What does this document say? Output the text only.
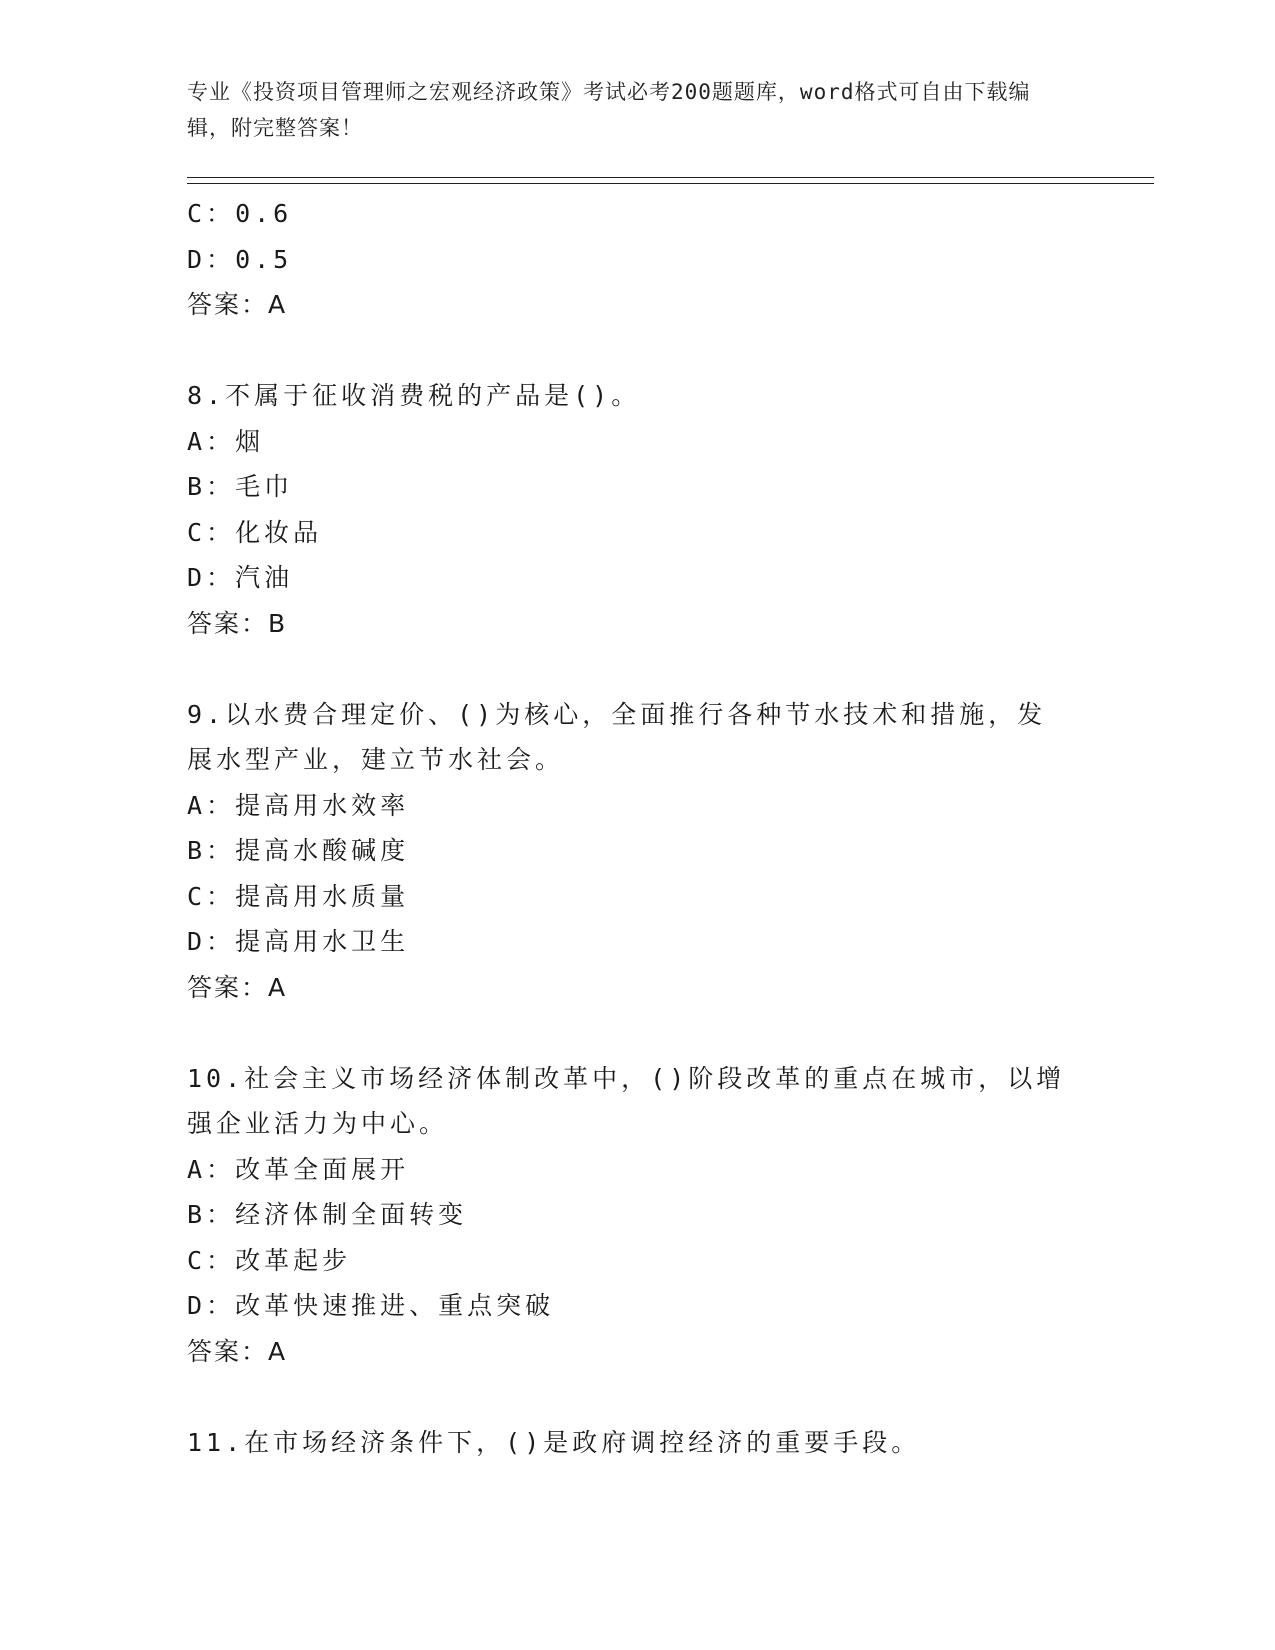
专业《投资项目管理师之宏观经济政策》考试必考200题题库，word格式可自由下载编辑，附完整答案！
C：0.6
D：0.5
答案：A
8.不属于征收消费税的产品是()。
A：烟
B：毛巾
C：化妆品
D：汽油
答案：B
9.以水费合理定价、()为核心，全面推行各种节水技术和措施，发展水型产业，建立节水社会。
A：提高用水效率
B：提高水酸碱度
C：提高用水质量
D：提高用水卫生
答案：A
10.社会主义市场经济体制改革中，()阶段改革的重点在城市，以增强企业活力为中心。
A：改革全面展开
B：经济体制全面转变
C：改革起步
D：改革快速推进、重点突破
答案：A
11.在市场经济条件下，()是政府调控经济的重要手段。
